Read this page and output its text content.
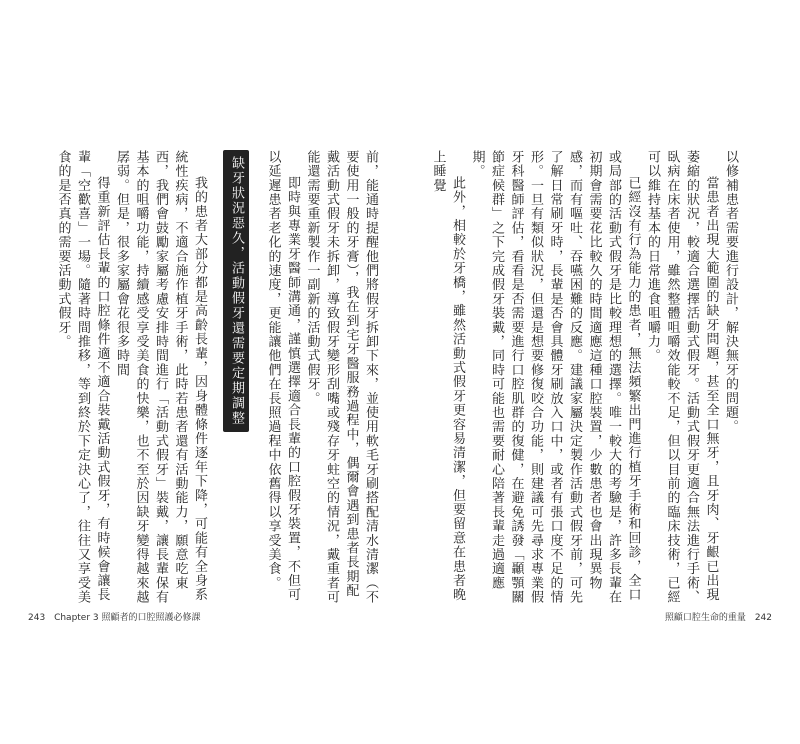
以修補患者需要進行設計，解決無牙的問題。

當患者出現大範圍的缺牙問題，甚至全口無牙，且牙肉、牙齦已出現萎縮的狀況，較適合選擇活動式假牙。活動式假牙更適合無法進行手術、臥病在床者使用，雖然整體咀嚼效能較不足，但以目前的臨床技術，已經可以維持基本的日常進食咀嚼力。

已經沒有行為能力的患者，無法頻繁出門進行植牙手術和回診，全口或局部的活動式假牙是比較理想的選擇。唯一較大的考驗是，許多長輩在初期會需要花比較久的時間適應這種口腔裝置，少數患者也會出現異物感，而有嘔吐、吞嚥困難的反應。建議家屬決定製作活動式假牙前，可先了解日常刷牙時，長輩是否會具體牙刷放入口中，或者有張口度不足的情形。一旦有類似狀況，但還是想要修復咬合功能，則建議可先尋求專業假牙科醫師評估，看看是否需要進行口腔肌群的復健，在避免誘發「顳顎關節症候群」之下完成假牙裝戴，同時可能也需要耐心陪著長輩走過適應期。

此外，相較於牙橋，雖然活動式假牙更容易清潔，但要留意在患者晚上睡覺

前，能通時提醒他們將假牙拆卸下來，並使用軟毛牙刷搭配清水清潔（不要使用一般的牙膏），我在到宅牙醫服務過程中，偶爾會遇到患者長期配戴活動式假牙未拆卸，導致假牙變形刮嘴或殘存牙蛀空的情況，戴重者可能還需要重新製作一副新的活動式假牙。

即時與專業牙醫師溝通，謹慎選擇適合長輩的口腔假牙裝置，不但可以延遲患者老化的速度，更能讓他們在長照過程中依舊得以享受美食。

缺牙狀況惡久，活動假牙還需要定期調整

我的患者大部分都是高齡長輩，因身體條件逐年下降，可能有全身系統性疾病，不適合施作植牙手術，此時若患者還有活動能力，願意吃東西，我們會鼓勵家屬考慮安排時間進行「活動式假牙」裝戴，讓長輩保有基本的咀嚼功能，持續感受享受美食的快樂，也不至於因缺牙變得越來越孱弱。但是，很多家屬會花很多時間

得重新評估長輩的口腔條件適不適合裝戴活動式假牙，有時候會讓長輩「空歡喜」一場。隨著時間推移，等到終於下定決心了，往往又享受美食的是否真的需要活動式假牙。

243 Chapter 3 照顧者的口腔照護必修課	照顧口腔生命的重量 242
